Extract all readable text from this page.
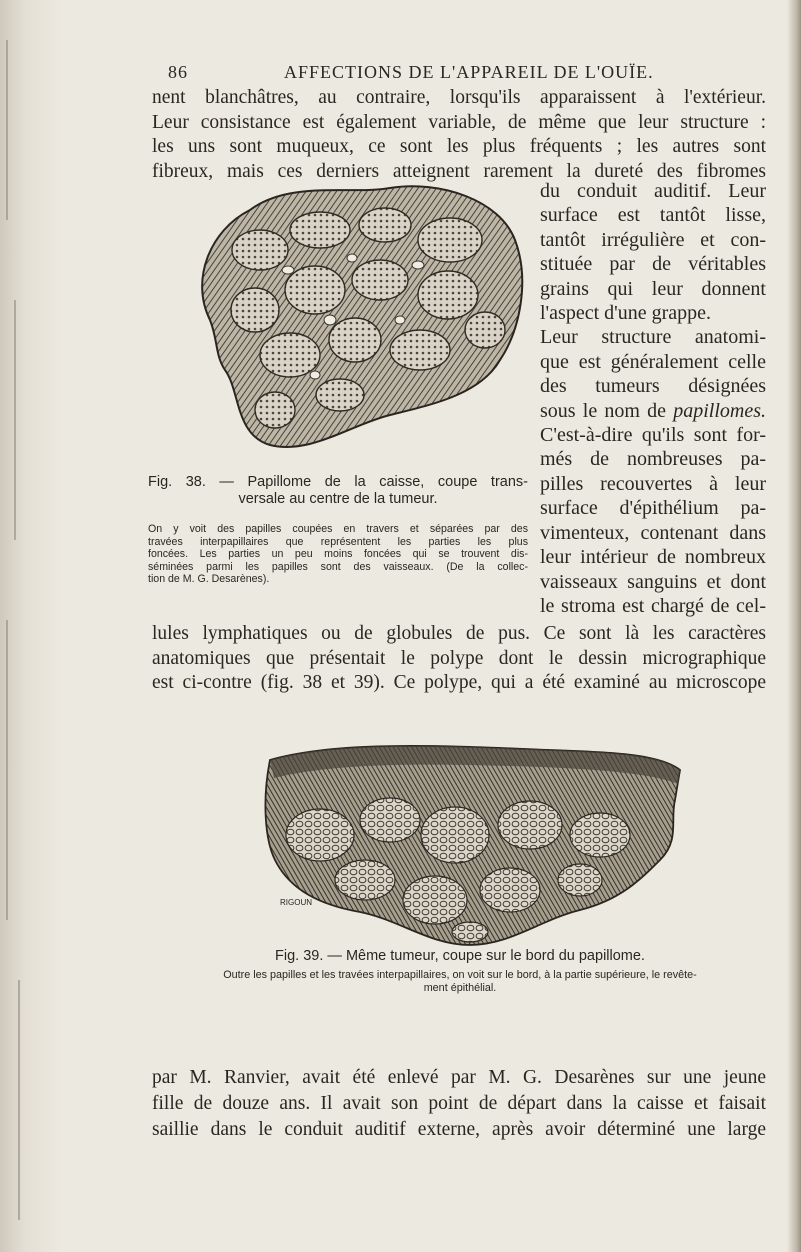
86	AFFECTIONS DE L'APPAREIL DE L'OUÏE.
nent blanchâtres, au contraire, lorsqu'ils apparaissent à l'extérieur.
Leur consistance est également variable, de même que leur structure :
les uns sont muqueux, ce sont les plus fréquents ; les autres sont
fibreux, mais ces derniers atteignent rarement la dureté des fibromes
du conduit auditif. Leur
surface est tantôt lisse,
tantôt irrégulière et con-
stituée par de véritables
grains qui leur donnent
l'aspect d'une grappe.
Leur structure anatomi-
que est généralement celle
des tumeurs désignées
sous le nom de papillomes.
C'est-à-dire qu'ils sont for-
més de nombreuses pa-
pilles recouvertes à leur
surface d'épithélium pa-
vimenteux, contenant dans
leur intérieur de nombreux
vaisseaux sanguins et dont
le stroma est chargé de cel-
Fig. 38. — Papillome de la caisse, coupe trans-
versale au centre de la tumeur.
On y voit des papilles coupées en travers et séparées par des
travées interpapillaires que représentent les parties les plus
foncées. Les parties un peu moins foncées qui se trouvent dis-
séminées parmi les papilles sont des vaisseaux. (De la collec-
tion de M. G. Desarènes).
lules lymphatiques ou de globules de pus. Ce sont là les caractères
anatomiques que présentait le polype dont le dessin micrographique
est ci-contre (fig. 38 et 39). Ce polype, qui a été examiné au microscope
RIGOUN
Fig. 39. — Même tumeur, coupe sur le bord du papillome.
Outre les papilles et les travées interpapillaires, on voit sur le bord, à la partie supérieure, le revête-
ment épithélial.
par M. Ranvier, avait été enlevé par M. G. Desarènes sur une jeune
fille de douze ans. Il avait son point de départ dans la caisse et faisait
saillie dans le conduit auditif externe, après avoir déterminé une large
